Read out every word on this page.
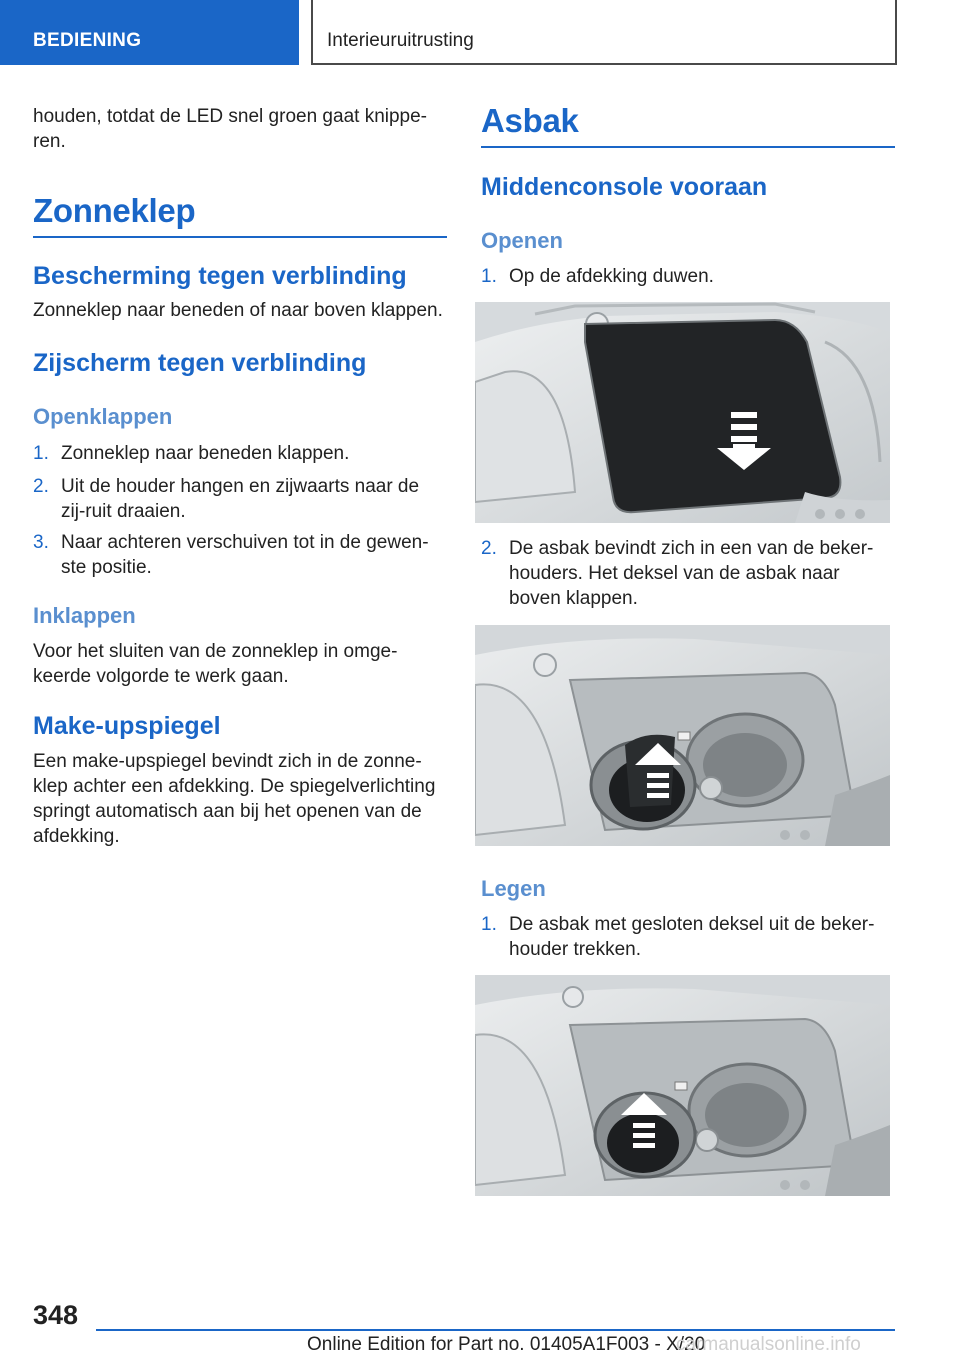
BEDIENING	Interieuruitrusting

houden, totdat de LED snel groen gaat knippe-ren.

Zonneklep
Bescherming tegen verblinding

Zonneklep naar beneden of naar boven klappen.

Zijscherm tegen verblinding
Openklappen
1. Zonneklep naar beneden klappen.
2. Uit de houder hangen en zijwaarts naar de zij-ruit draaien.
3. Naar achteren verschuiven tot in de gewen-ste positie.
Inklappen

Voor het sluiten van de zonneklep in omge-keerde volgorde te werk gaan.

Make-upspiegel

Een make-upspiegel bevindt zich in de zonne-klep achter een afdekking. De spiegelverlichting springt automatisch aan bij het openen van de afdekking.

Asbak
Middenconsole vooraan
Openen
1. Op de afdekking duwen.
2. De asbak bevindt zich in een van de beker-houders. Het deksel van de asbak naar boven klappen.
Legen
1. De asbak met gesloten deksel uit de beker-houder trekken.
348
Online Edition for Part no. 01405A1F003 - X/20
carmanualsonline.info
